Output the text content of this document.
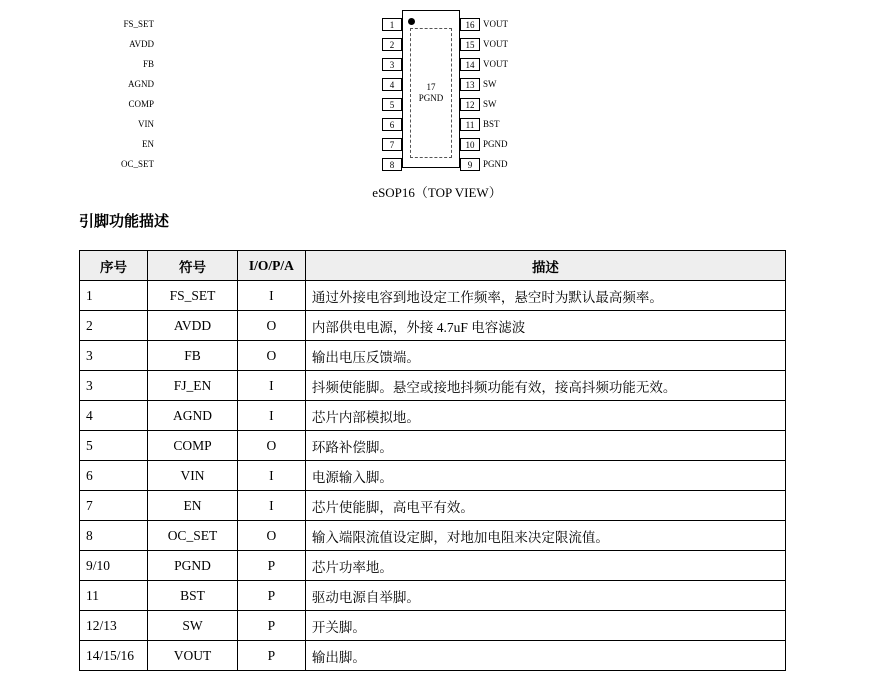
17
PGND
FS_SET	1
AVDD	2
FB	3
AGND	4
COMP	5
VIN	6
EN	7
OC_SET	8
16 VOUT
15 VOUT
14 VOUT
13 SW
12 SW
11 BST
10 PGND
9	PGND
eSOP16（TOP VIEW）
引脚功能描述
序号	符号	I/O/P/A	描述
1	FS_SET	I	通过外接电容到地设定工作频率，悬空时为默认最高频率。
2	AVDD	O	内部供电电源，外接 4.7uF 电容滤波
3	FB	O	输出电压反馈端。
3	FJ_EN	I	抖频使能脚。悬空或接地抖频功能有效，接高抖频功能无效。
4	AGND	I	芯片内部模拟地。
5	COMP	O	环路补偿脚。
6	VIN	I	电源输入脚。
7	EN	I	芯片使能脚，高电平有效。
8	OC_SET	O	输入端限流值设定脚，对地加电阻来决定限流值。
9/10	PGND	P	芯片功率地。
11	BST	P	驱动电源自举脚。
12/13	SW	P	开关脚。
14/15/16	VOUT	P	输出脚。
